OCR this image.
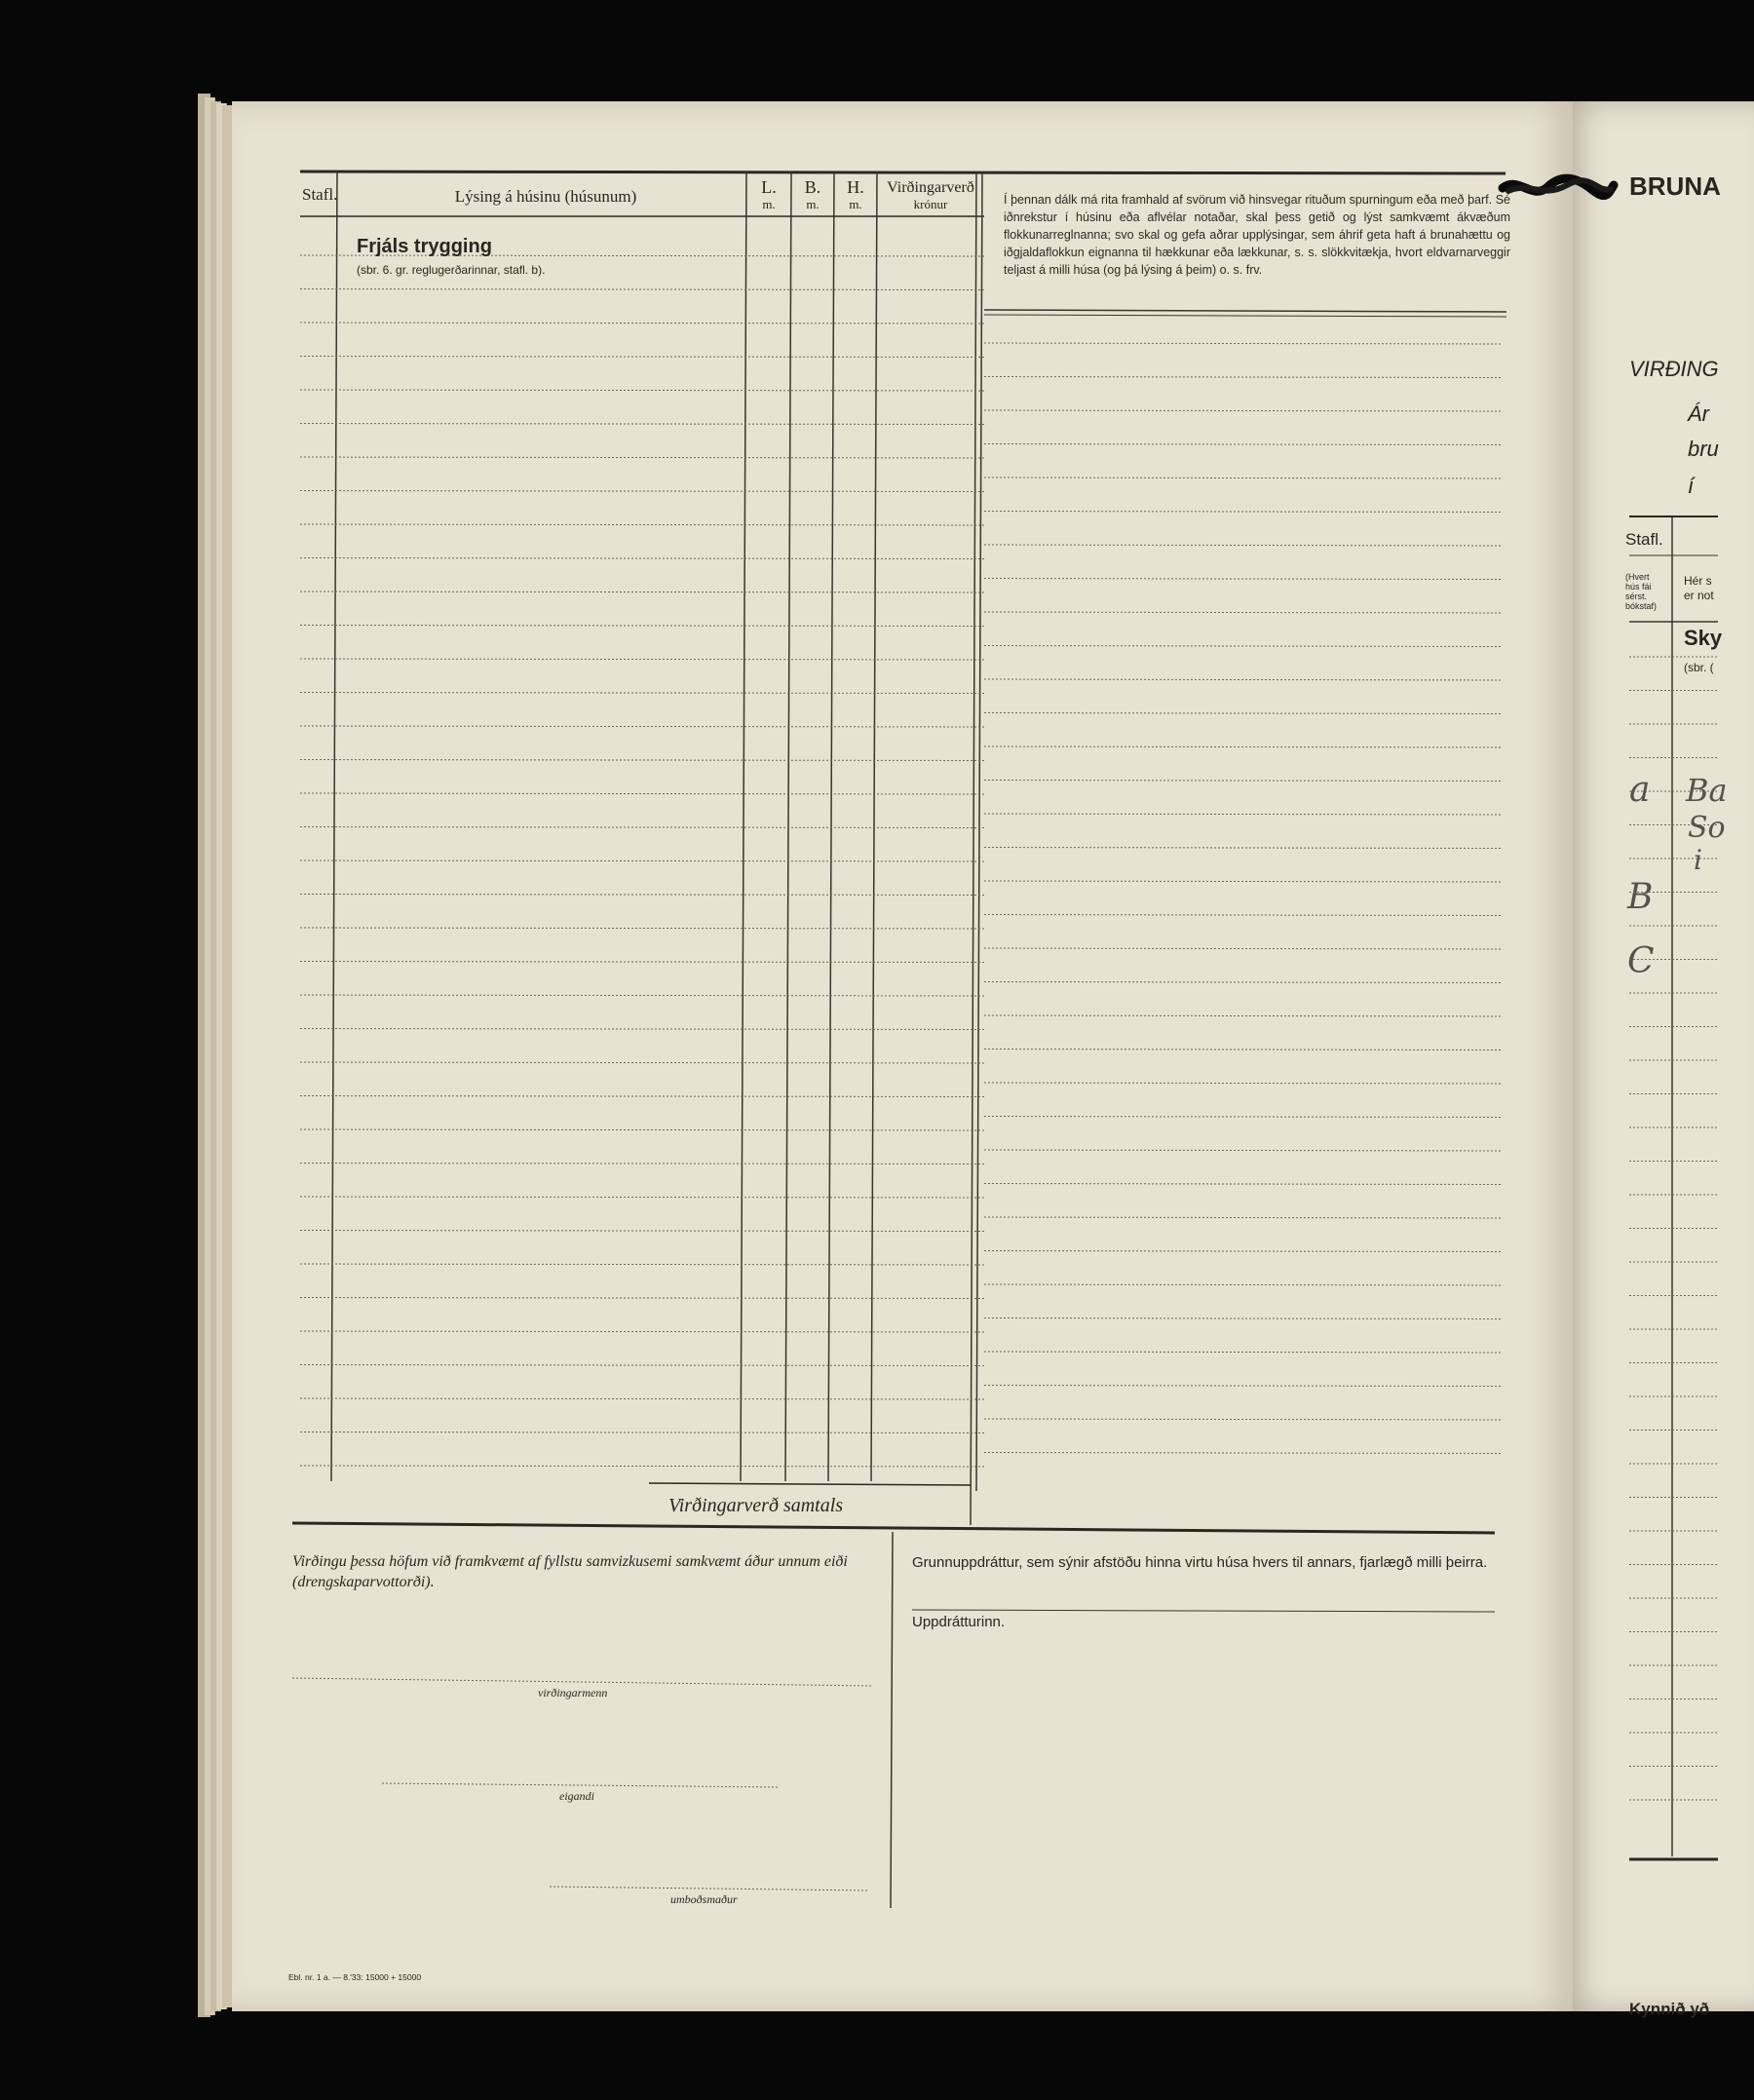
BRUNA
VIRÐING
Ár
bru
í
Stafl.
(Hvert
hús fái
sérst.
bókstaf)
Hér s
er not
Sky
(sbr. (
a Ba
So
i
B
C
Kynnið yð
Stafl.	Lýsing á húsinu (húsunum)	L.
m.
B.
m.
H.
m.
Virðingarverð
krónur
Frjáls trygging
(sbr. 6. gr. reglugerðarinnar, stafl. b).
Í þennan dálk má rita framhald af svörum við hinsvegar rituðum spurningum eða með þarf. Sé iðnrekstur í húsinu eða aflvélar notaðar, skal þess getið og lýst samkvæmt ákvæðum flokkunarreglnanna; svo skal og gefa aðrar upplýsingar, sem áhrif geta haft á brunahættu og iðgjaldaflokkun eignanna til hækkunar eða lækkunar, s. s. slökkvitækja, hvort eldvarnarveggir teljast á milli húsa (og þá lýsing á þeim) o. s. frv.
Virðingarverð samtals
Virðingu þessa höfum við framkvæmt af fyllstu samvizkusemi samkvæmt áður unnum eiði (drengskaparvottorði).
virðingarmenn
eigandi
umboðsmaður
Ebl. nr. 1 a. — 8.'33: 15000 + 15000
Grunnuppdráttur, sem sýnir afstöðu hinna virtu húsa hvers til annars, fjarlægð milli þeirra.
Uppdrátturinn.
